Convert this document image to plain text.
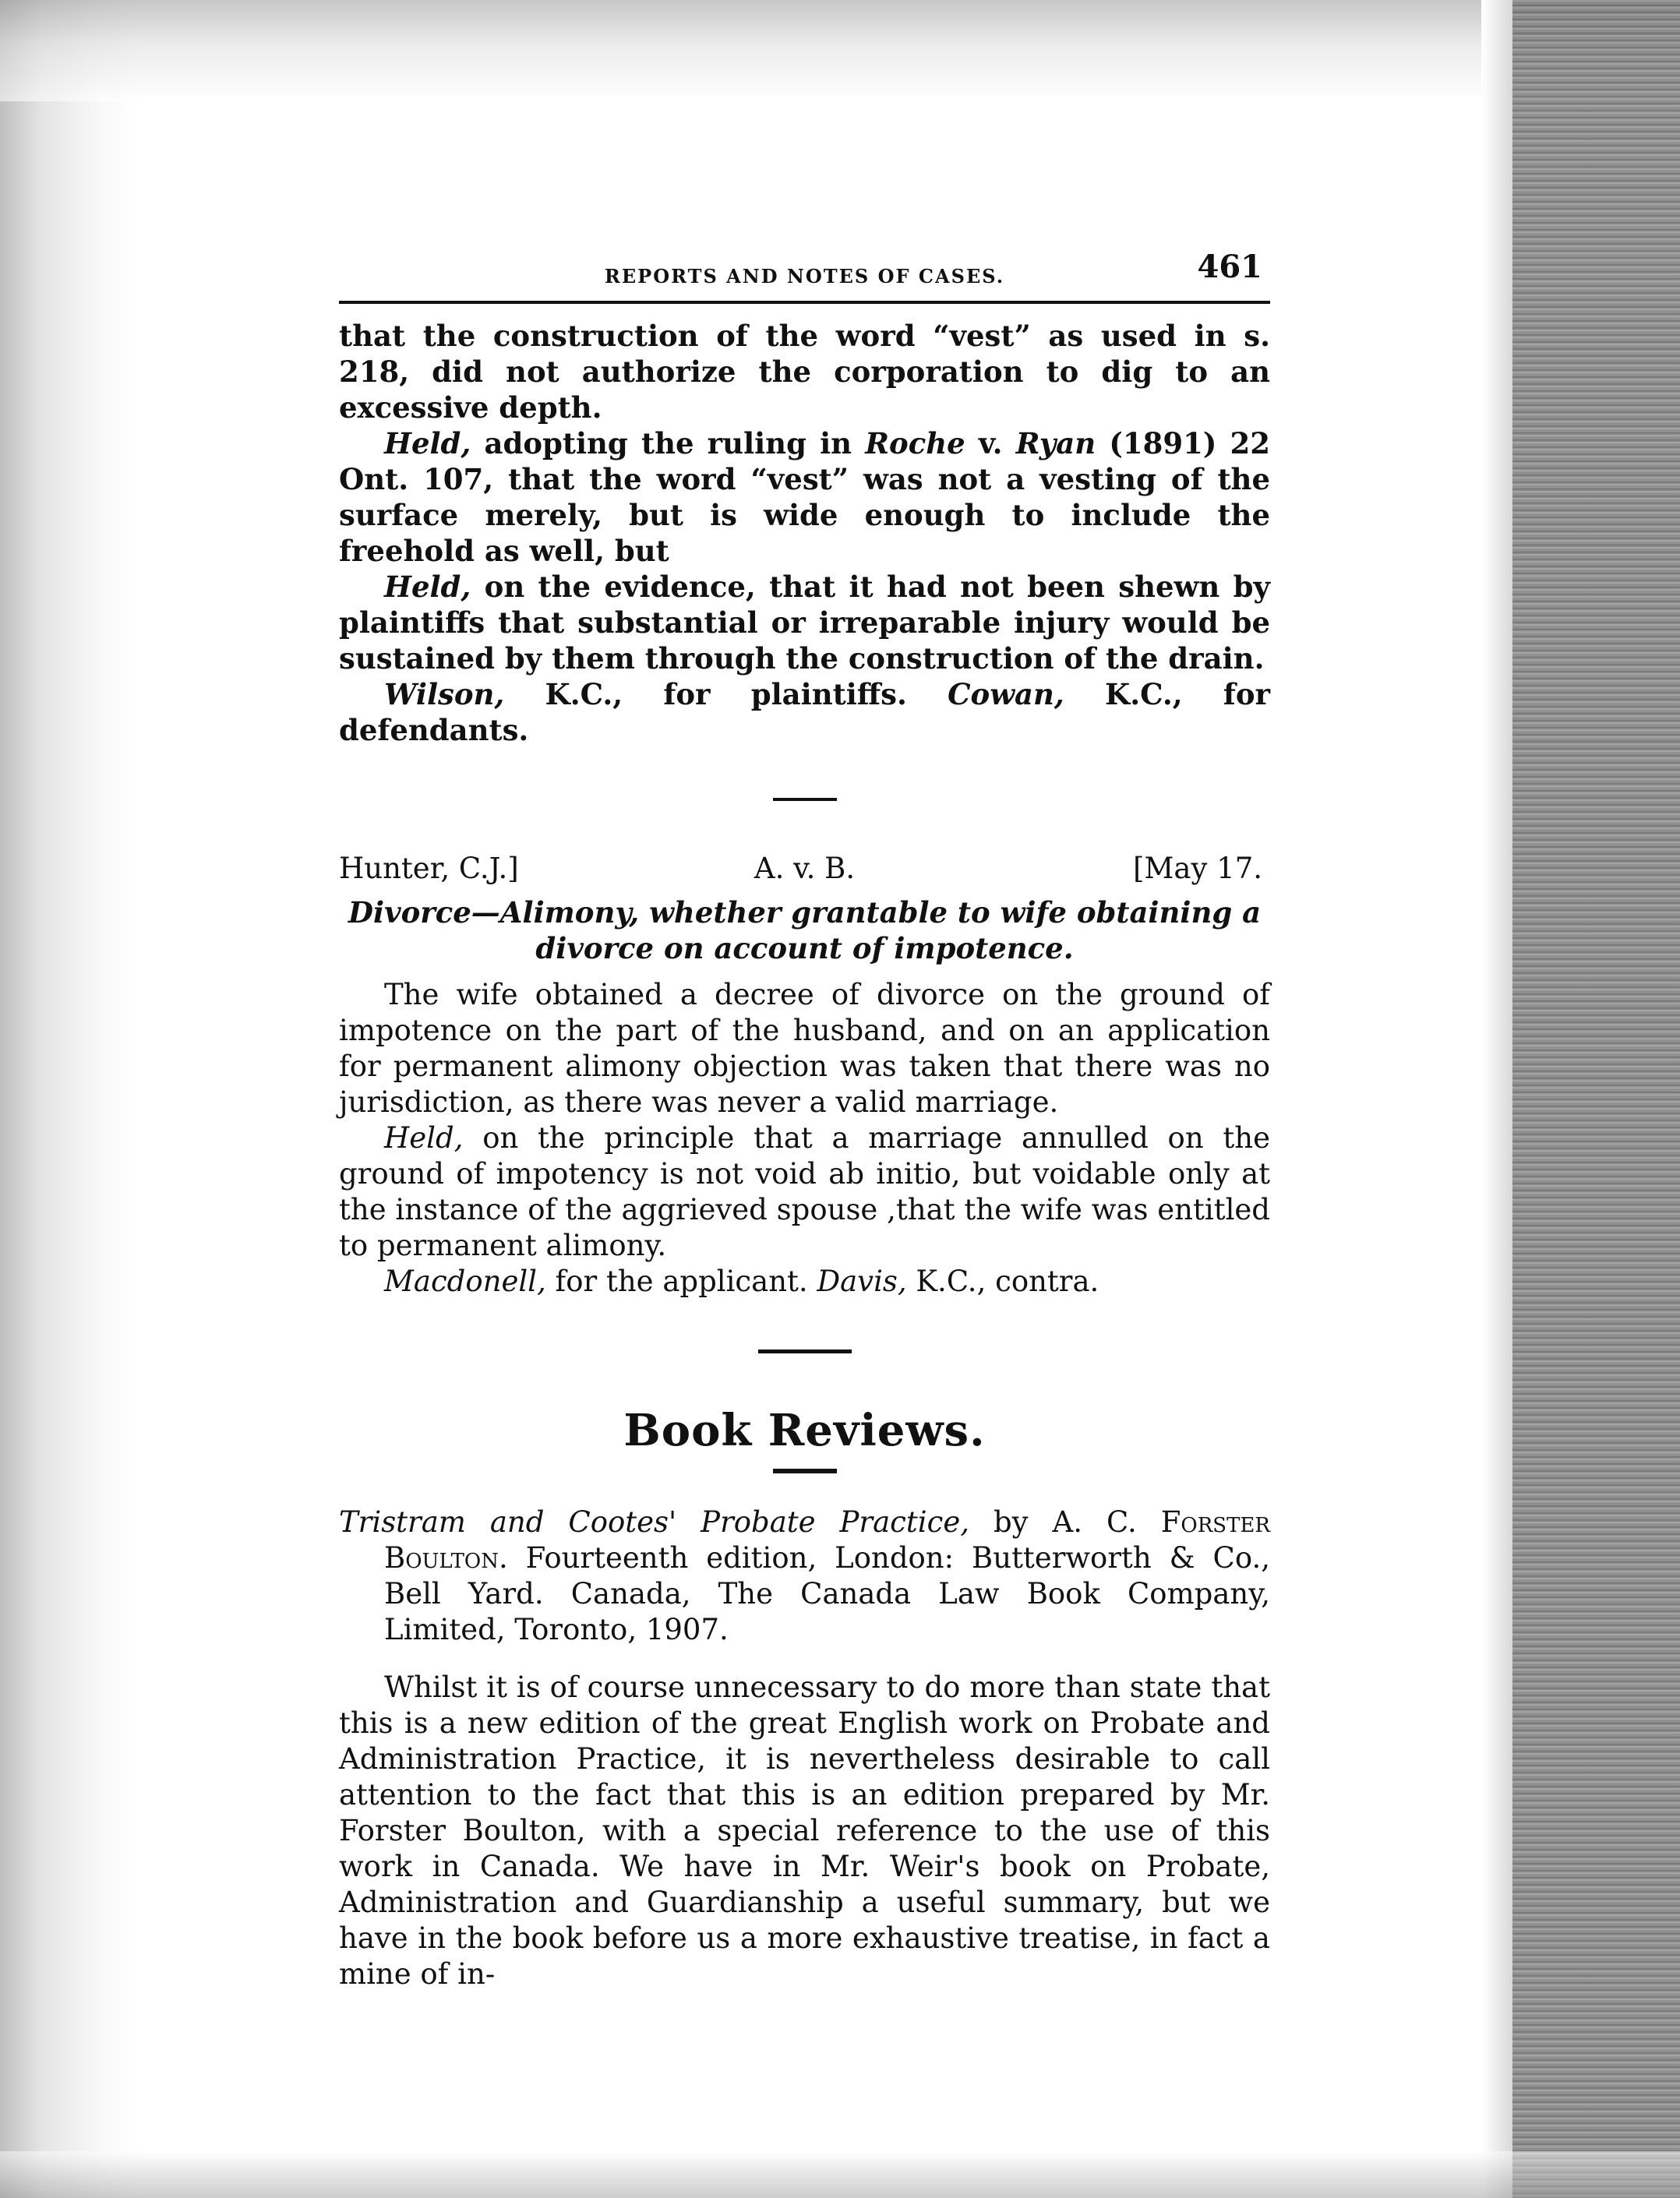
REPORTS AND NOTES OF CASES.	461

that the construction of the word “vest” as used in s. 218, did not authorize the corporation to dig to an excessive depth.

Held, adopting the ruling in Roche v. Ryan (1891) 22 Ont. 107, that the word “vest” was not a vesting of the surface merely, but is wide enough to include the freehold as well, but

Held, on the evidence, that it had not been shewn by plaintiffs that substantial or irreparable injury would be sustained by them through the construction of the drain.

Wilson, K.C., for plaintiffs. Cowan, K.C., for defendants.

Hunter, C.J.]	A. v. B.	[May 17.
Divorce—Alimony, whether grantable to wife obtaining a divorce on account of impotence.

The wife obtained a decree of divorce on the ground of impotence on the part of the husband, and on an application for permanent alimony objection was taken that there was no jurisdiction, as there was never a valid marriage.

Held, on the principle that a marriage annulled on the ground of impotency is not void ab initio, but voidable only at the instance of the aggrieved spouse ,that the wife was entitled to permanent alimony.

Macdonell, for the applicant. Davis, K.C., contra.

Book Reviews.

Tristram and Cootes' Probate Practice, by A. C. Forster Boulton. Fourteenth edition, London: Butterworth & Co., Bell Yard. Canada, The Canada Law Book Company, Limited, Toronto, 1907.

Whilst it is of course unnecessary to do more than state that this is a new edition of the great English work on Probate and Administration Practice, it is nevertheless desirable to call attention to the fact that this is an edition prepared by Mr. Forster Boulton, with a special reference to the use of this work in Canada. We have in Mr. Weir's book on Probate, Administration and Guardianship a useful summary, but we have in the book before us a more exhaustive treatise, in fact a mine of in-
